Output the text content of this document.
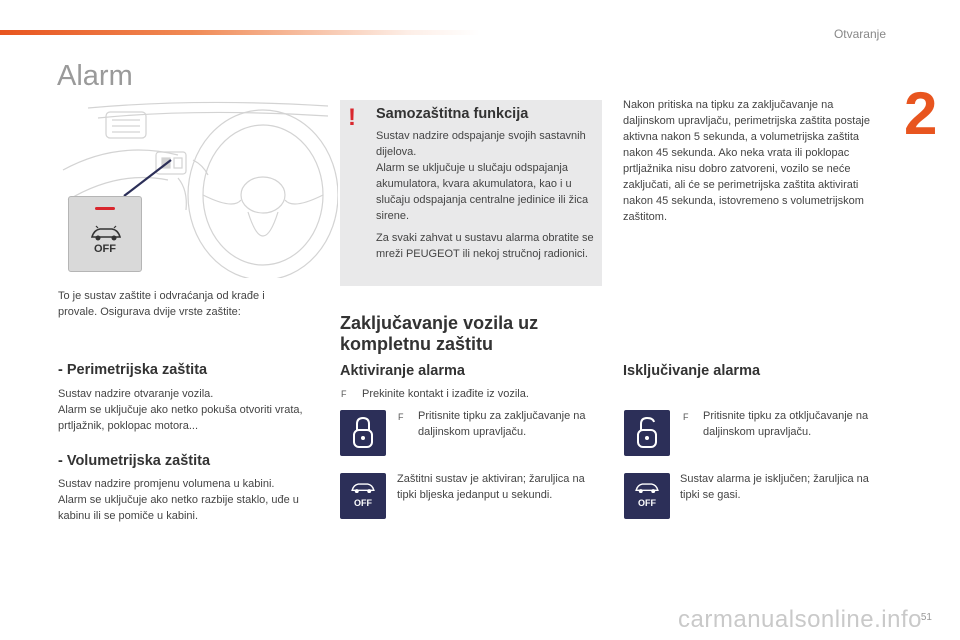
Otvaranje
2
Alarm
OFF
To je sustav zaštite i odvraćanja od krađe i provale. Osigurava dvije vrste zaštite:
- Perimetrijska zaštita
Sustav nadzire otvaranje vozila.
Alarm se uključuje ako netko pokuša otvoriti vrata, prtljažnik, poklopac motora...
- Volumetrijska zaštita
Sustav nadzire promjenu volumena u kabini.
Alarm se uključuje ako netko razbije staklo, uđe u kabinu ili se pomiče u kabini.
! Samozaštitna funkcija
Sustav nadzire odspajanje svojih sastavnih dijelova.
Alarm se uključuje u slučaju odspajanja akumulatora, kvara akumulatora, kao i u slučaju odspajanja centralne jedinice ili žica sirene.
Za svaki zahvat u sustavu alarma obratite se mreži PEUGEOT ili nekoj stručnoj radionici.
Nakon pritiska na tipku za zaključavanje na daljinskom upravljaču, perimetrijska zaštita postaje aktivna nakon 5 sekunda, a volumetrijska zaštita nakon 45 sekunda. Ako neka vrata ili poklopac prtljažnika nisu dobro zatvoreni, vozilo se neće zaključati, ali će se perimetrijska zaštita aktivirati nakon 45 sekunda, istovremeno s volumetrijskom zaštitom.
Zaključavanje vozila uz kompletnu zaštitu
Aktiviranje alarma
F Prekinite kontakt i izađite iz vozila.
F Pritisnite tipku za zaključavanje na daljinskom upravljaču.
OFF
Zaštitni sustav je aktiviran; žaruljica na tipki bljeska jedanput u sekundi.
Isključivanje alarma
F Pritisnite tipku za otključavanje na daljinskom upravljaču.
OFF
Sustav alarma je isključen; žaruljica na tipki se gasi.
carmanualsonline.info
51
